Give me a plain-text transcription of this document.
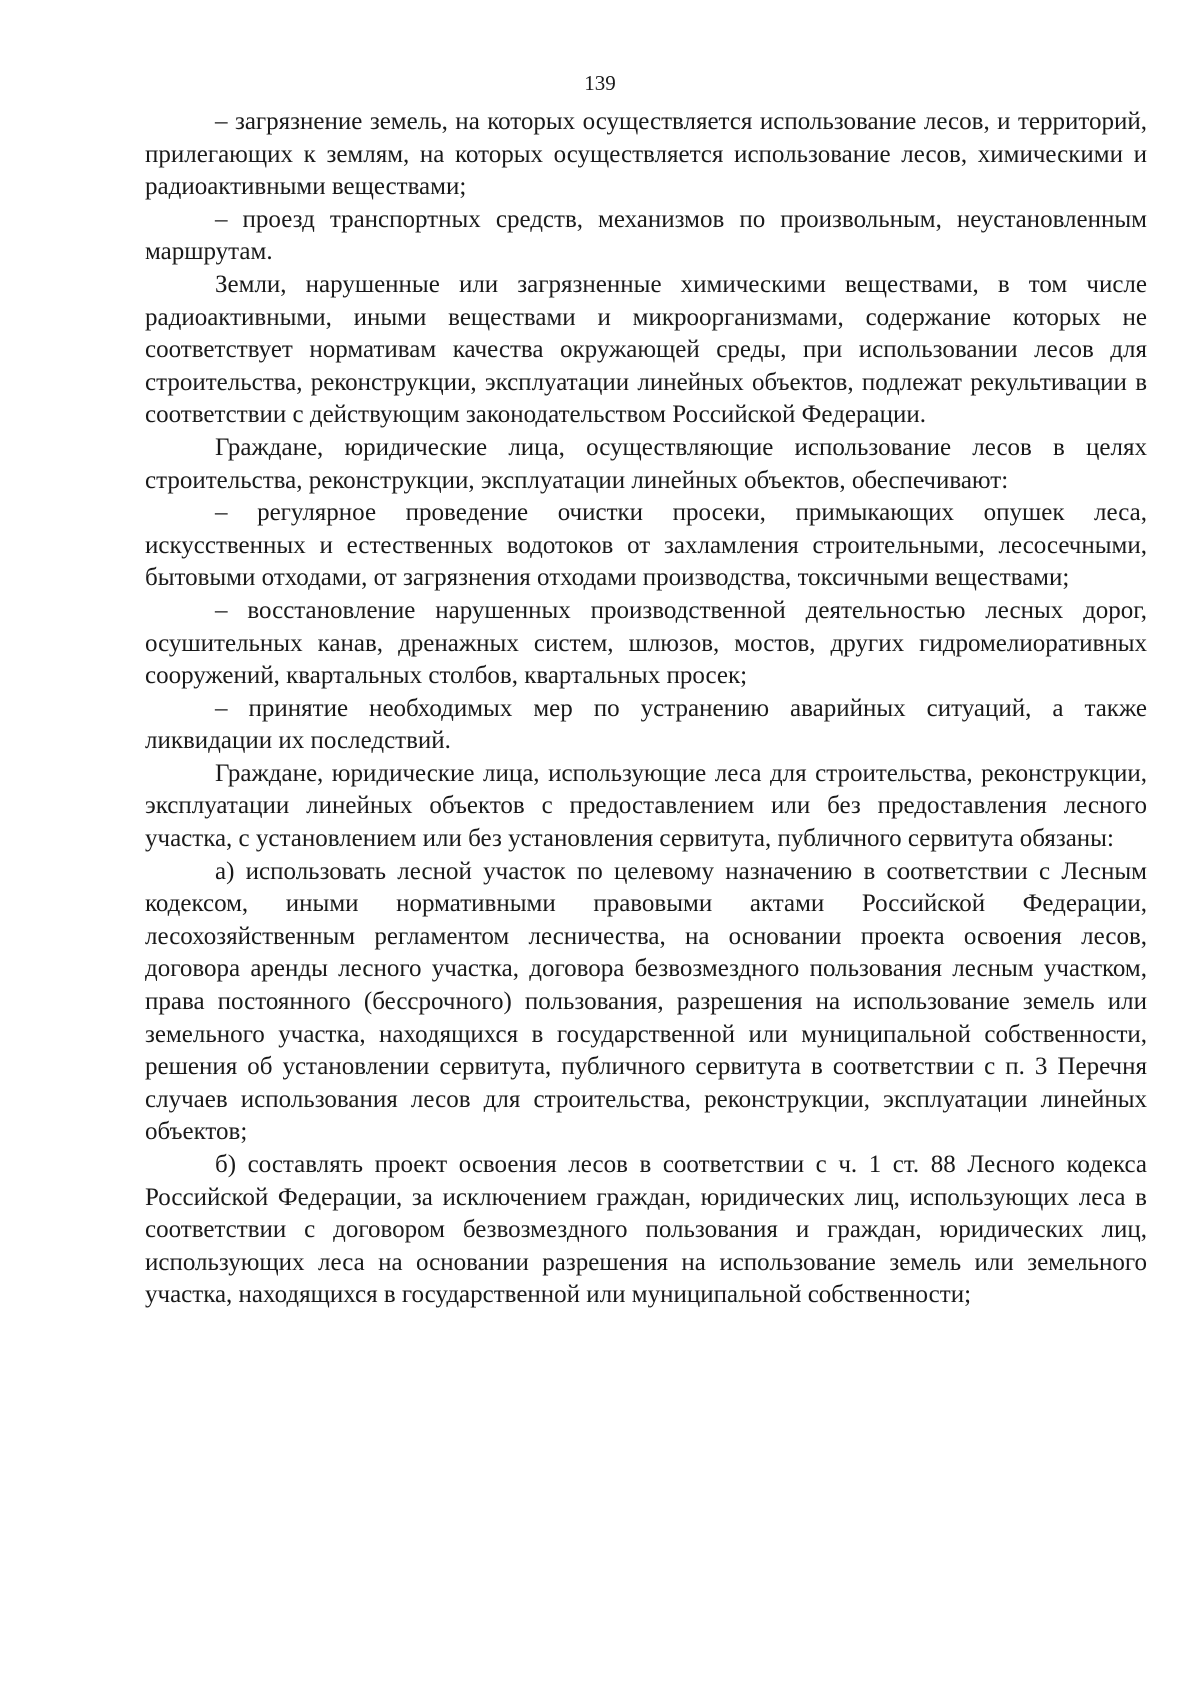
139

– загрязнение земель, на которых осуществляется использование лесов, и территорий, прилегающих к землям, на которых осуществляется использование лесов, химическими и радиоактивными веществами;

– проезд транспортных средств, механизмов по произвольным, неустановленным маршрутам.

Земли, нарушенные или загрязненные химическими веществами, в том числе радиоактивными, иными веществами и микроорганизмами, содержание которых не соответствует нормативам качества окружающей среды, при использовании лесов для строительства, реконструкции, эксплуатации линейных объектов, подлежат рекультивации в соответствии с действующим законодательством Российской Федерации.

Граждане, юридические лица, осуществляющие использование лесов в целях строительства, реконструкции, эксплуатации линейных объектов, обеспечивают:

– регулярное проведение очистки просеки, примыкающих опушек леса, искусственных и естественных водотоков от захламления строительными, лесосечными, бытовыми отходами, от загрязнения отходами производства, токсичными веществами;

– восстановление нарушенных производственной деятельностью лесных дорог, осушительных канав, дренажных систем, шлюзов, мостов, других гидромелиоративных сооружений, квартальных столбов, квартальных просек;

– принятие необходимых мер по устранению аварийных ситуаций, а также ликвидации их последствий.

Граждане, юридические лица, использующие леса для строительства, реконструкции, эксплуатации линейных объектов с предоставлением или без предоставления лесного участка, с установлением или без установления сервитута, публичного сервитута обязаны:

а) использовать лесной участок по целевому назначению в соответствии с Лесным кодексом, иными нормативными правовыми актами Российской Федерации, лесохозяйственным регламентом лесничества, на основании проекта освоения лесов, договора аренды лесного участка, договора безвозмездного пользования лесным участком, права постоянного (бессрочного) пользования, разрешения на использование земель или земельного участка, находящихся в государственной или муниципальной собственности, решения об установлении сервитута, публичного сервитута в соответствии с п. 3 Перечня случаев использования лесов для строительства, реконструкции, эксплуатации линейных объектов;

б) составлять проект освоения лесов в соответствии с ч. 1 ст. 88 Лесного кодекса Российской Федерации, за исключением граждан, юридических лиц, использующих леса в соответствии с договором безвозмездного пользования и граждан, юридических лиц, использующих леса на основании разрешения на использование земель или земельного участка, находящихся в государственной или муниципальной собственности;
